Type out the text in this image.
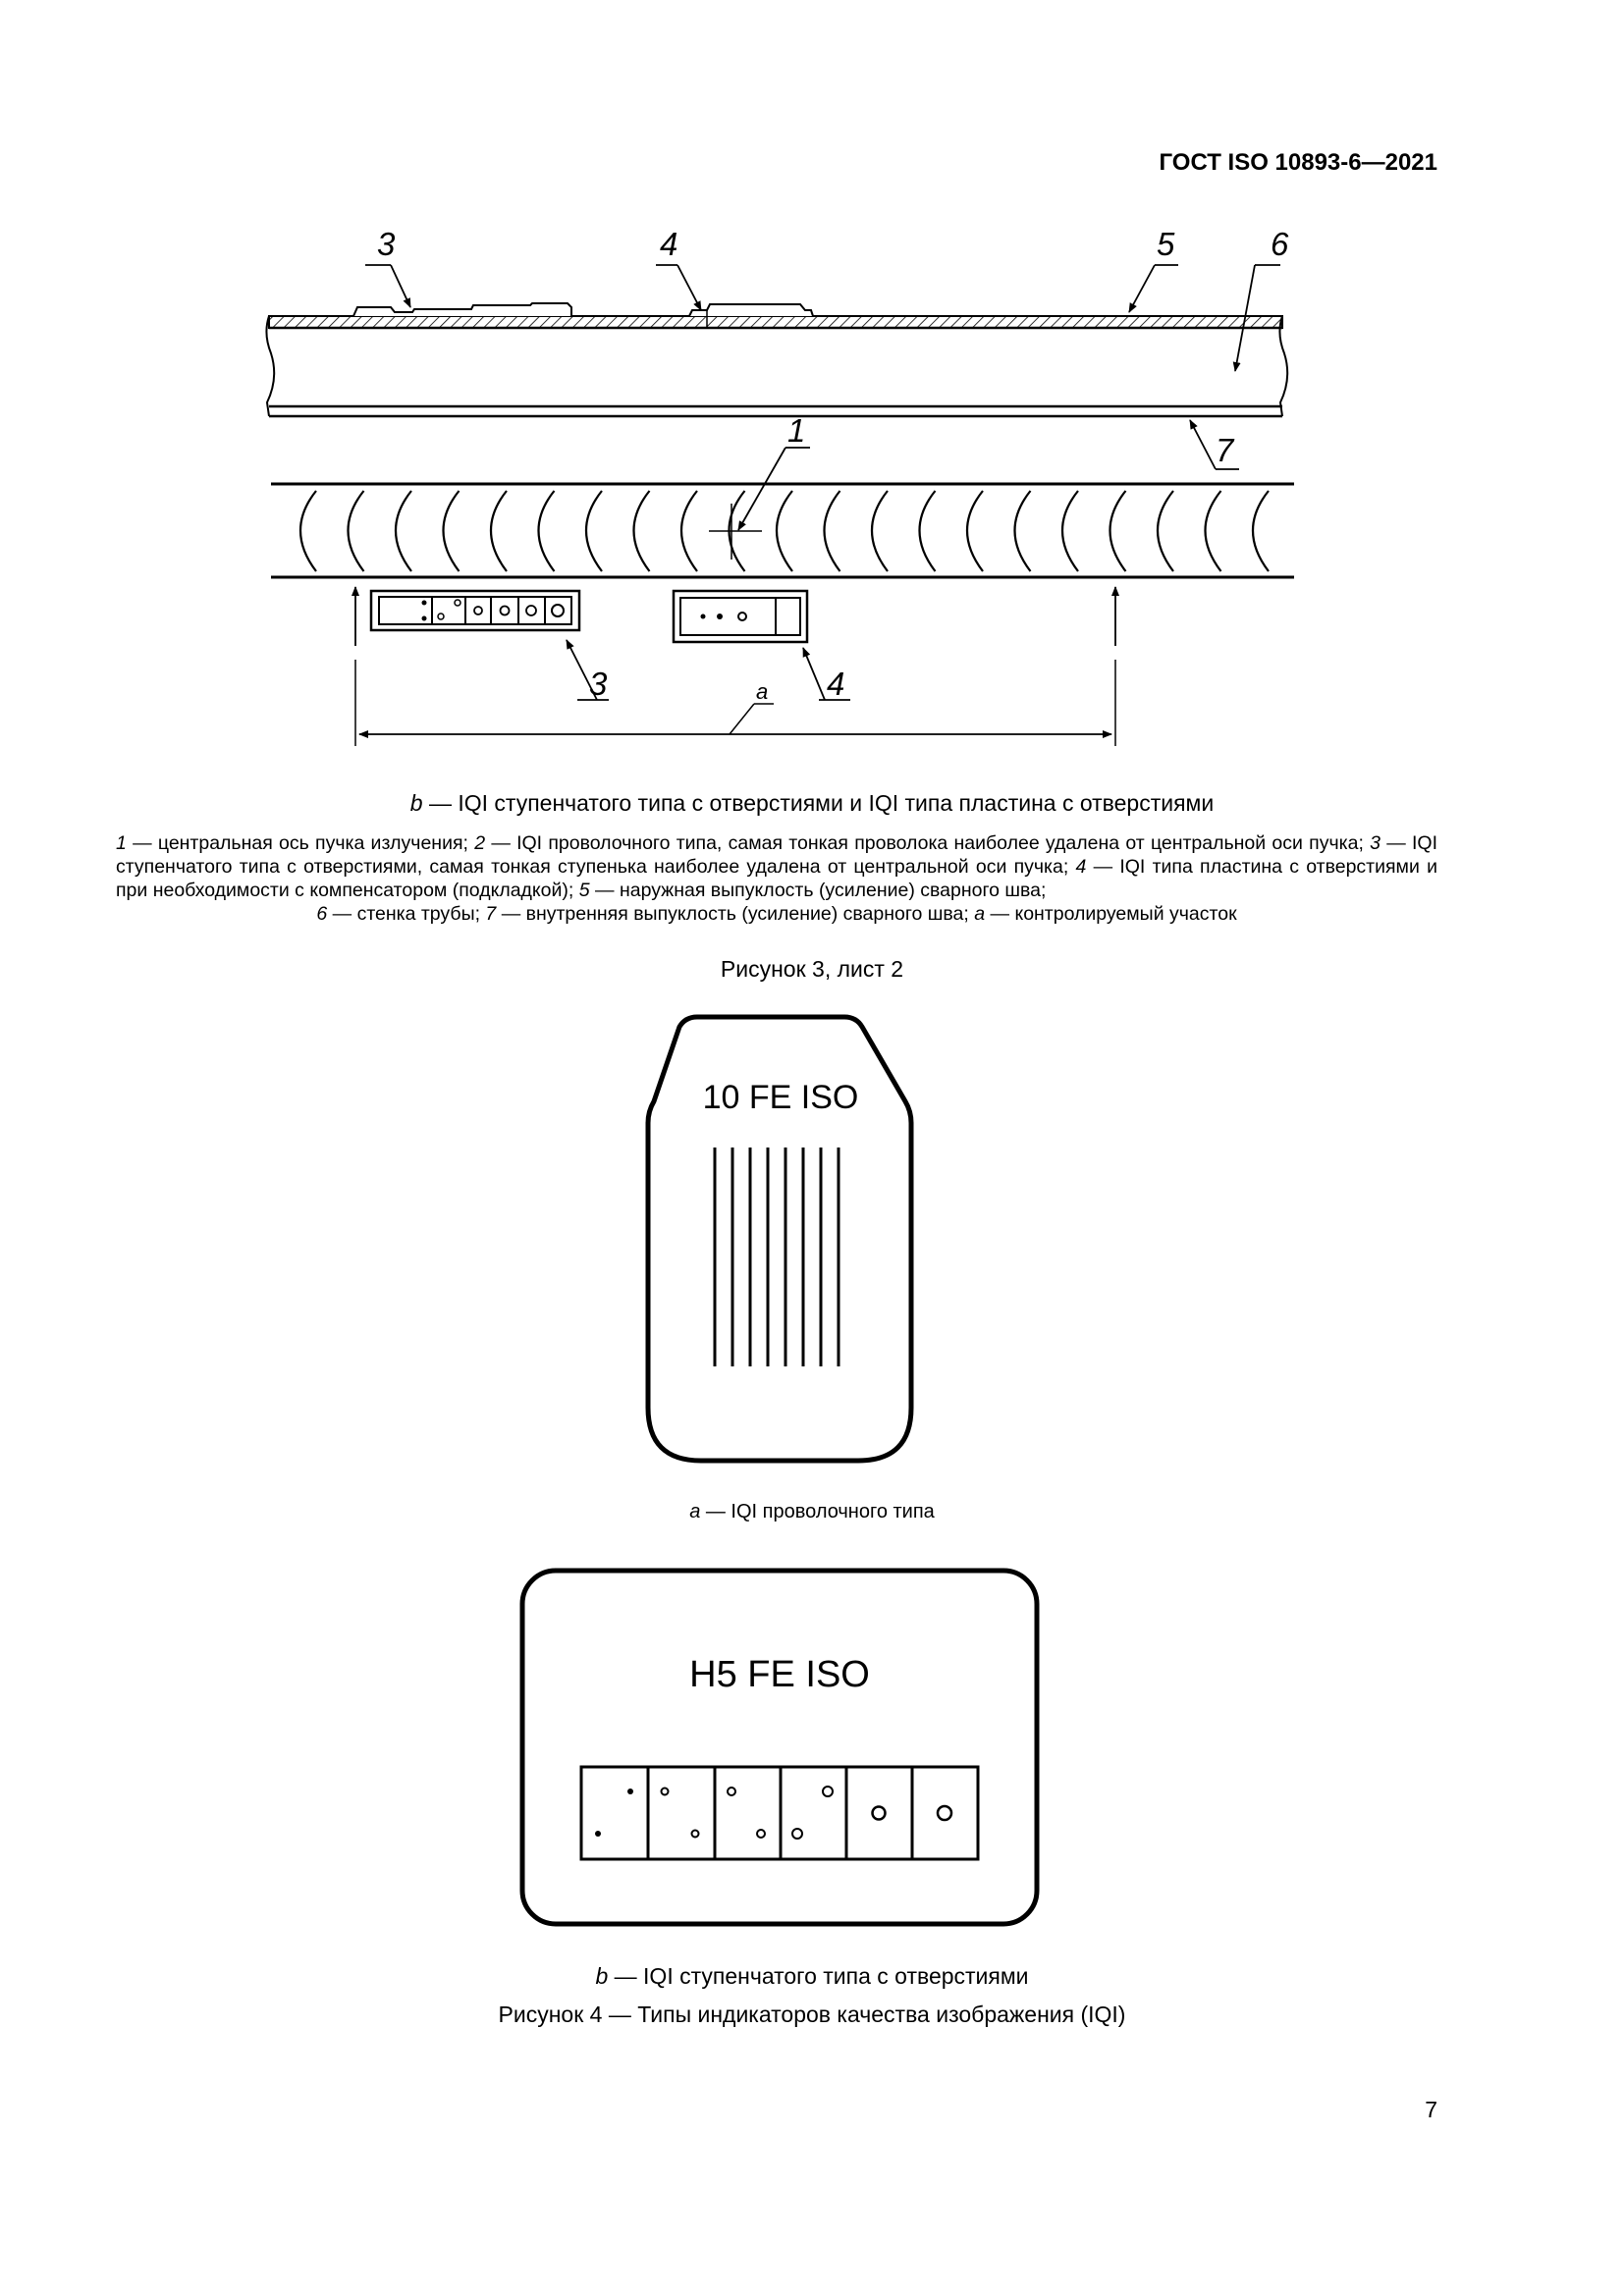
ГОСТ ISO 10893-6—2021
3	4	5	6
1
7
3	4
a
b — IQI ступенчатого типа с отверстиями и IQI типа пластина с отверстиями
1 — центральная ось пучка излучения; 2 — IQI проволочного типа, самая тонкая проволока наиболее удалена от центральной оси пучка; 3 — IQI ступенчатого типа с отверстиями, самая тонкая ступенька наиболее удалена от центральной оси пучка; 4 — IQI типа пластина с отверстиями и при необходимости с компенсатором (подкладкой); 5 — наружная выпуклость (усиление) сварного шва;
6 — стенка трубы; 7 — внутренняя выпуклость (усиление) сварного шва; a — контролируемый участок
Рисунок 3, лист 2
10 FE ISO
H5 FE ISO
a — IQI проволочного типа
b — IQI ступенчатого типа с отверстиями
Рисунок 4 — Типы индикаторов качества изображения (IQI)
7
